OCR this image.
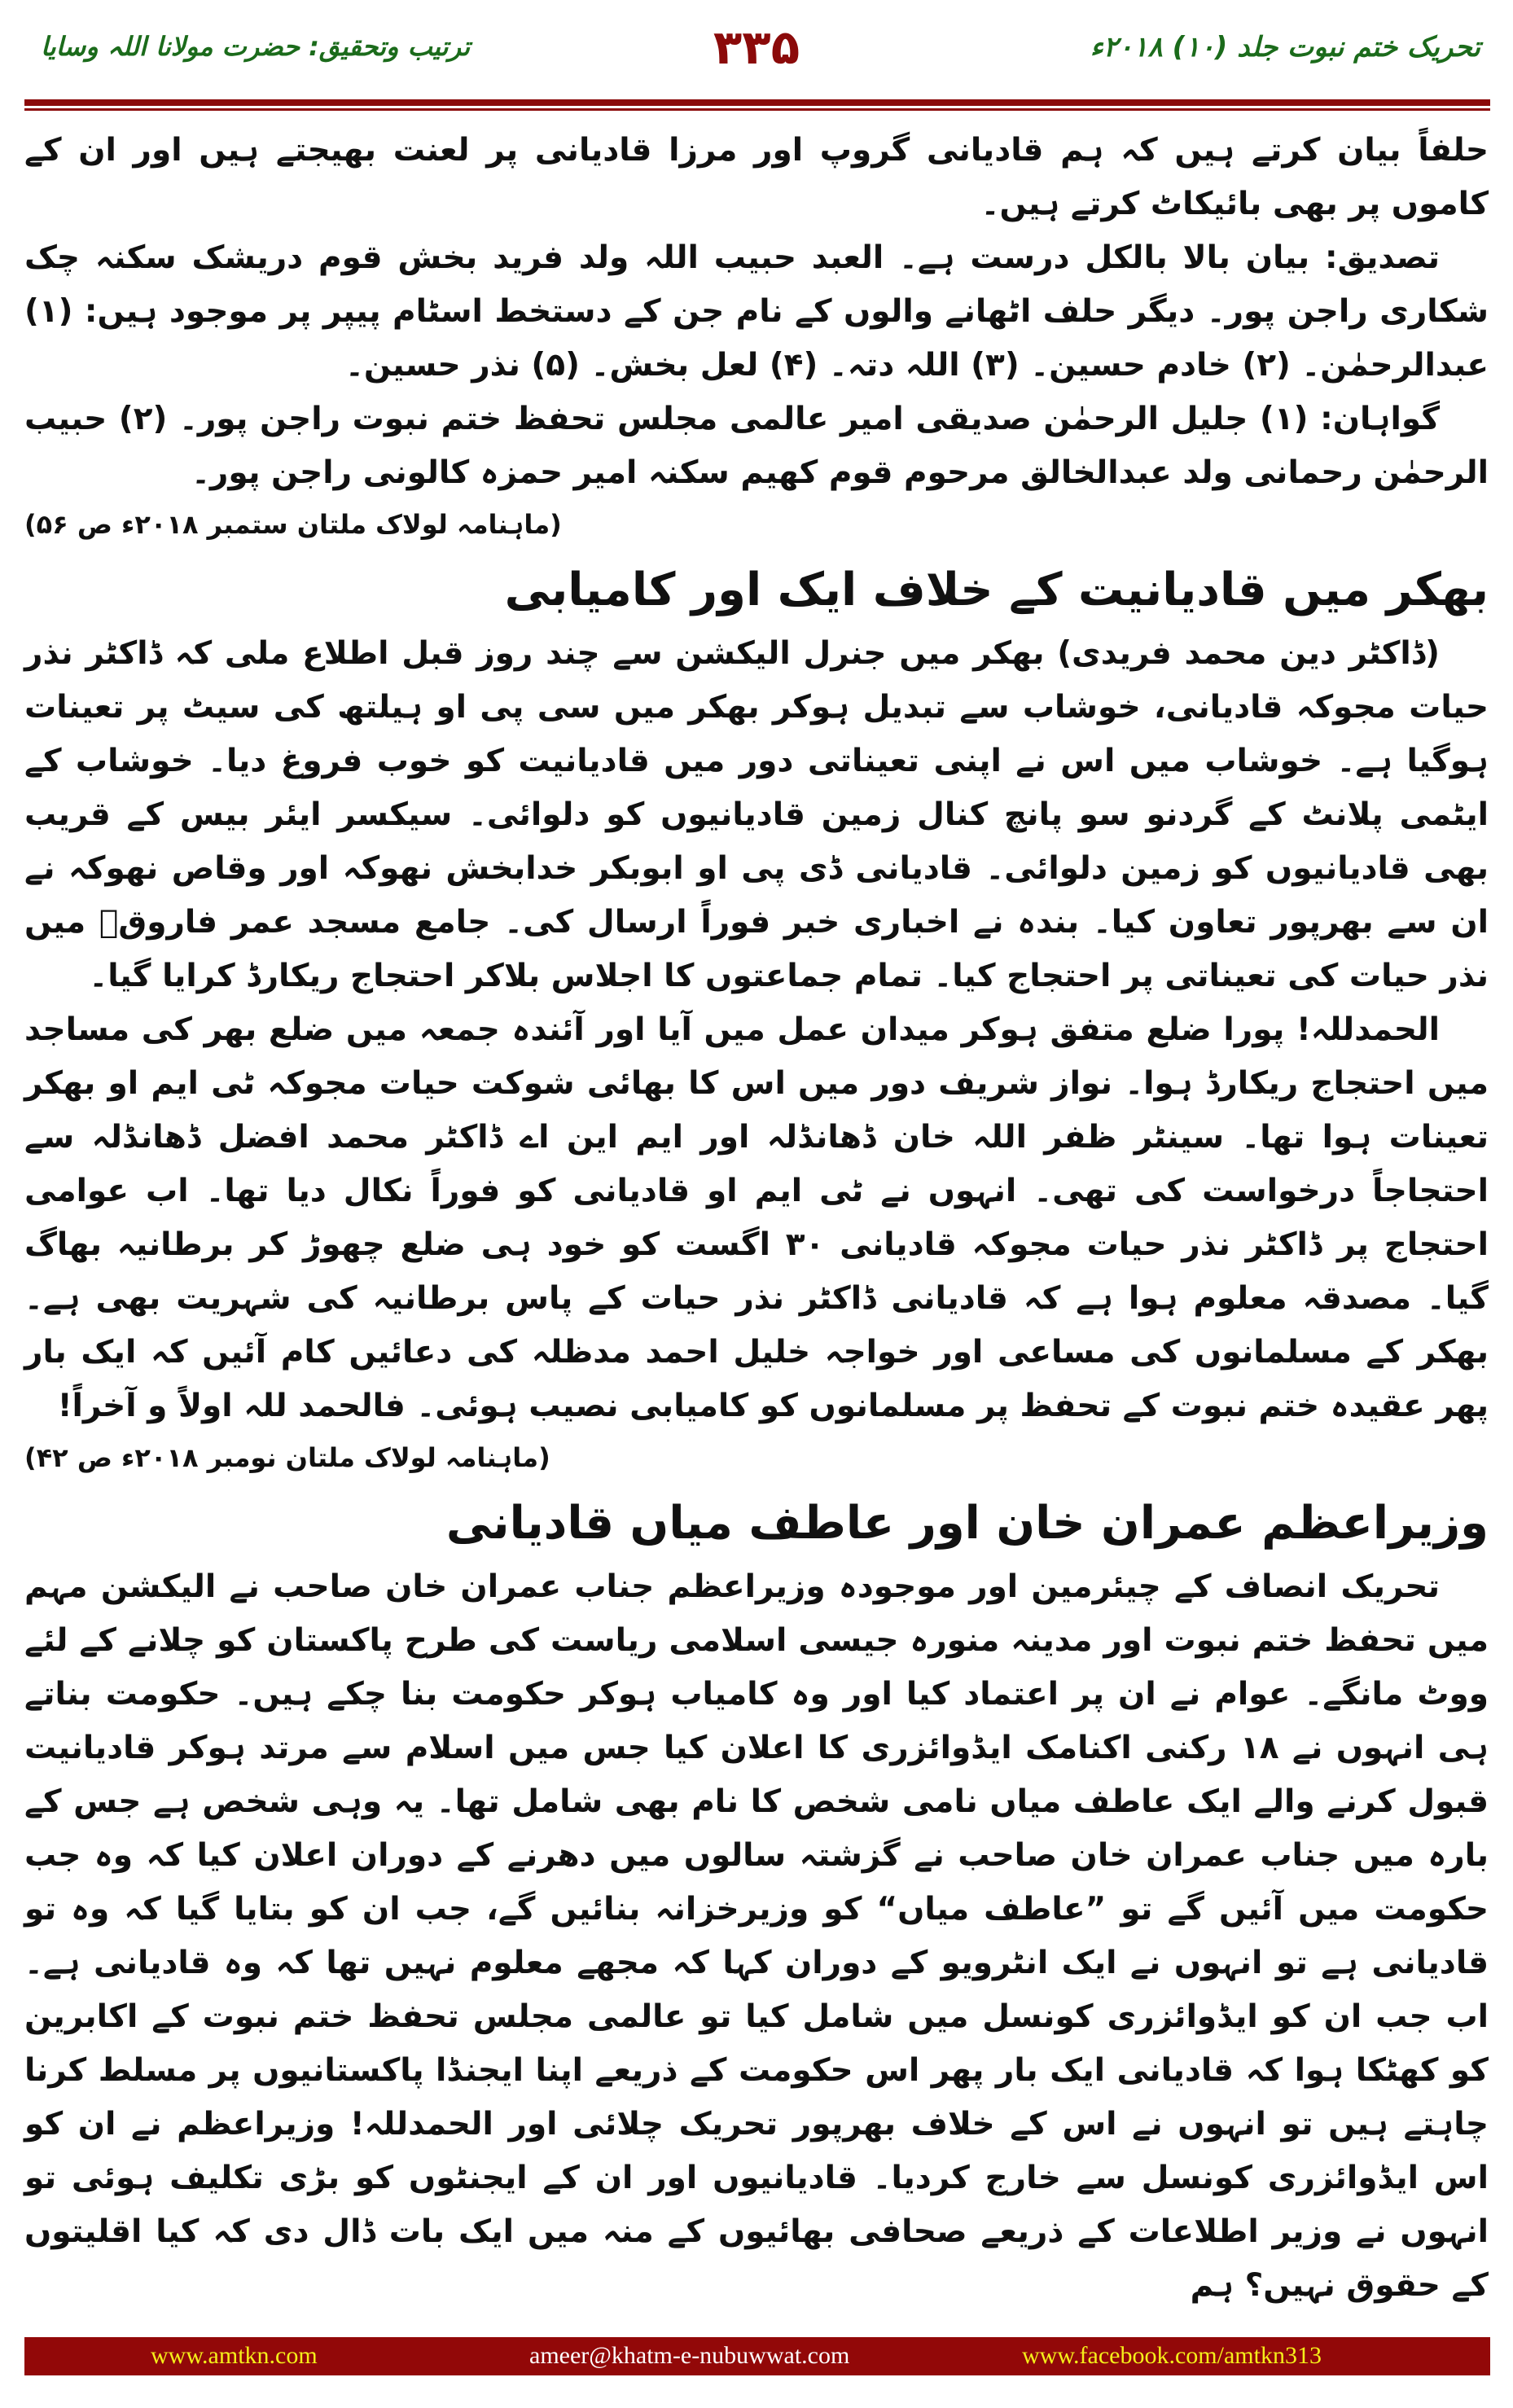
تحریک ختم نبوت جلد (۱۰) ۲۰۱۸ء
۳۳۵
ترتیب وتحقیق: حضرت مولانا اللہ وسایا

حلفاً بیان کرتے ہیں کہ ہم قادیانی گروپ اور مرزا قادیانی پر لعنت بھیجتے ہیں اور ان کے کاموں پر بھی بائیکاٹ کرتے ہیں۔

تصدیق: بیان بالا بالکل درست ہے۔ العبد حبیب اللہ ولد فرید بخش قوم دریشک سکنہ چک شکاری راجن پور۔ دیگر حلف اٹھانے والوں کے نام جن کے دستخط اسٹام پیپر پر موجود ہیں: (۱) عبدالرحمٰن۔ (۲) خادم حسین۔ (۳) اللہ دتہ۔ (۴) لعل بخش۔ (۵) نذر حسین۔

گواہان: (۱) جلیل الرحمٰن صدیقی امیر عالمی مجلس تحفظ ختم نبوت راجن پور۔ (۲) حبیب الرحمٰن رحمانی ولد عبدالخالق مرحوم قوم کھیم سکنہ امیر حمزہ کالونی راجن پور۔

(ماہنامہ لولاک ملتان ستمبر ۲۰۱۸ء ص ۵۶)
بھکر میں قادیانیت کے خلاف ایک اور کامیابی

(ڈاکٹر دین محمد فریدی) بھکر میں جنرل الیکشن سے چند روز قبل اطلاع ملی کہ ڈاکٹر نذر حیات مجوکہ قادیانی، خوشاب سے تبدیل ہوکر بھکر میں سی پی او ہیلتھ کی سیٹ پر تعینات ہوگیا ہے۔ خوشاب میں اس نے اپنی تعیناتی دور میں قادیانیت کو خوب فروغ دیا۔ خوشاب کے ایٹمی پلانٹ کے گردنو سو پانچ کنال زمین قادیانیوں کو دلوائی۔ سیکسر ایئر بیس کے قریب بھی قادیانیوں کو زمین دلوائی۔ قادیانی ڈی پی او ابوبکر خدابخش نھوکہ اور وقاص نھوکہ نے ان سے بھرپور تعاون کیا۔ بندہ نے اخباری خبر فوراً ارسال کی۔ جامع مسجد عمر فاروقؓ میں نذر حیات کی تعیناتی پر احتجاج کیا۔ تمام جماعتوں کا اجلاس بلاکر احتجاج ریکارڈ کرایا گیا۔

الحمدللہ! پورا ضلع متفق ہوکر میدان عمل میں آیا اور آئندہ جمعہ میں ضلع بھر کی مساجد میں احتجاج ریکارڈ ہوا۔ نواز شریف دور میں اس کا بھائی شوکت حیات مجوکہ ٹی ایم او بھکر تعینات ہوا تھا۔ سینٹر ظفر اللہ خان ڈھانڈلہ اور ایم این اے ڈاکٹر محمد افضل ڈھانڈلہ سے احتجاجاً درخواست کی تھی۔ انہوں نے ٹی ایم او قادیانی کو فوراً نکال دیا تھا۔ اب عوامی احتجاج پر ڈاکٹر نذر حیات مجوکہ قادیانی ۳۰ اگست کو خود ہی ضلع چھوڑ کر برطانیہ بھاگ گیا۔ مصدقہ معلوم ہوا ہے کہ قادیانی ڈاکٹر نذر حیات کے پاس برطانیہ کی شہریت بھی ہے۔ بھکر کے مسلمانوں کی مساعی اور خواجہ خلیل احمد مدظلہ کی دعائیں کام آئیں کہ ایک بار پھر عقیدہ ختم نبوت کے تحفظ پر مسلمانوں کو کامیابی نصیب ہوئی۔ فالحمد للہ اولاً و آخراً!

(ماہنامہ لولاک ملتان نومبر ۲۰۱۸ء ص ۴۲)
وزیراعظم عمران خان اور عاطف میاں قادیانی

تحریک انصاف کے چیئرمین اور موجودہ وزیراعظم جناب عمران خان صاحب نے الیکشن مہم میں تحفظ ختم نبوت اور مدینہ منورہ جیسی اسلامی ریاست کی طرح پاکستان کو چلانے کے لئے ووٹ مانگے۔ عوام نے ان پر اعتماد کیا اور وہ کامیاب ہوکر حکومت بنا چکے ہیں۔ حکومت بناتے ہی انہوں نے ۱۸ رکنی اکنامک ایڈوائزری کا اعلان کیا جس میں اسلام سے مرتد ہوکر قادیانیت قبول کرنے والے ایک عاطف میاں نامی شخص کا نام بھی شامل تھا۔ یہ وہی شخص ہے جس کے بارہ میں جناب عمران خان صاحب نے گزشتہ سالوں میں دھرنے کے دوران اعلان کیا کہ وہ جب حکومت میں آئیں گے تو ”عاطف میاں“ کو وزیرخزانہ بنائیں گے، جب ان کو بتایا گیا کہ وہ تو قادیانی ہے تو انہوں نے ایک انٹرویو کے دوران کہا کہ مجھے معلوم نہیں تھا کہ وہ قادیانی ہے۔ اب جب ان کو ایڈوائزری کونسل میں شامل کیا تو عالمی مجلس تحفظ ختم نبوت کے اکابرین کو کھٹکا ہوا کہ قادیانی ایک بار پھر اس حکومت کے ذریعے اپنا ایجنڈا پاکستانیوں پر مسلط کرنا چاہتے ہیں تو انہوں نے اس کے خلاف بھرپور تحریک چلائی اور الحمدللہ! وزیراعظم نے ان کو اس ایڈوائزری کونسل سے خارج کردیا۔ قادیانیوں اور ان کے ایجنٹوں کو بڑی تکلیف ہوئی تو انہوں نے وزیر اطلاعات کے ذریعے صحافی بھائیوں کے منہ میں ایک بات ڈال دی کہ کیا اقلیتوں کے حقوق نہیں؟ ہم

www.amtkn.com	ameer@khatm-e-nubuwwat.com	www.facebook.com/amtkn313
